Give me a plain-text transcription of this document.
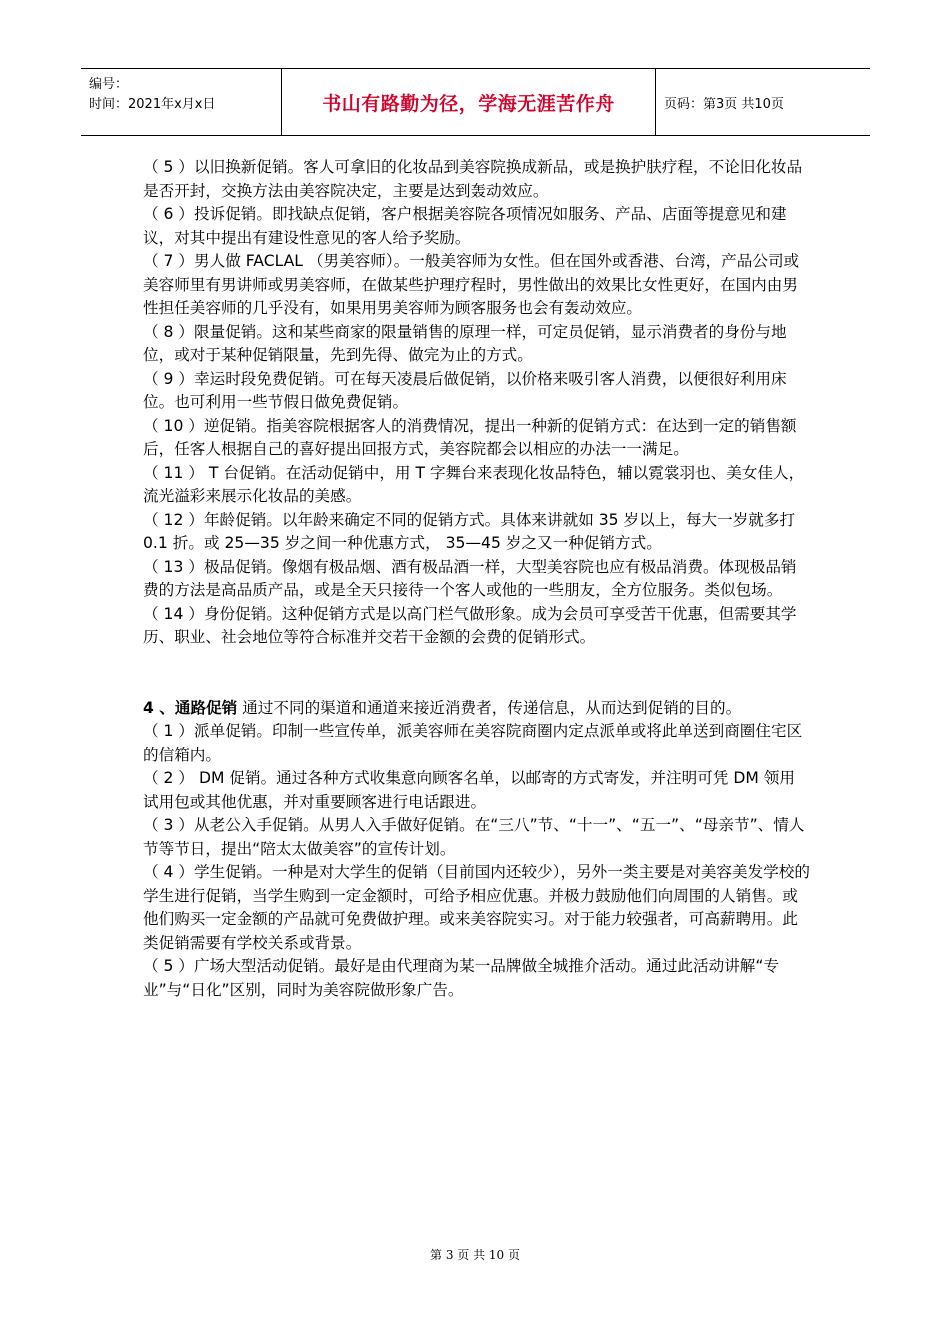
编号：
时间：2021年x月x日	书山有路勤为径，学海无涯苦作舟	页码：第3页 共10页

（ 5 ）以旧换新促销。客人可拿旧的化妆品到美容院换成新品，或是换护肤疗程，不论旧化妆品是否开封，交换方法由美容院决定，主要是达到轰动效应。

（ 6 ）投诉促销。即找缺点促销，客户根据美容院各项情况如服务、产品、店面等提意见和建议，对其中提出有建设性意见的客人给予奖励。

（ 7 ）男人做 FACLAL （男美容师）。一般美容师为女性。但在国外或香港、台湾，产品公司或美容师里有男讲师或男美容师，在做某些护理疗程时，男性做出的效果比女性更好，在国内由男性担任美容师的几乎没有，如果用男美容师为顾客服务也会有轰动效应。

（ 8 ）限量促销。这和某些商家的限量销售的原理一样，可定员促销，显示消费者的身份与地位，或对于某种促销限量，先到先得、做完为止的方式。

（ 9 ）幸运时段免费促销。可在每天凌晨后做促销，以价格来吸引客人消费，以便很好利用床位。也可利用一些节假日做免费促销。

（ 10 ）逆促销。指美容院根据客人的消费情况，提出一种新的促销方式：在达到一定的销售额后，任客人根据自己的喜好提出回报方式，美容院都会以相应的办法一一满足。

（ 11 ） T 台促销。在活动促销中，用 T 字舞台来表现化妆品特色，辅以霓裳羽也、美女佳人，流光溢彩来展示化妆品的美感。

（ 12 ）年龄促销。以年龄来确定不同的促销方式。具体来讲就如 35 岁以上，每大一岁就多打 0.1 折。或 25—35 岁之间一种优惠方式， 35—45 岁之又一种促销方式。

（ 13 ）极品促销。像烟有极品烟、酒有极品酒一样，大型美容院也应有极品消费。体现极品销费的方法是高品质产品，或是全天只接待一个客人或他的一些朋友，全方位服务。类似包场。

（ 14 ）身份促销。这种促销方式是以高门栏气做形象。成为会员可享受苦干优惠，但需要其学历、职业、社会地位等符合标准并交若干金额的会费的促销形式。

4 、通路促销 通过不同的渠道和通道来接近消费者，传递信息，从而达到促销的目的。

（ 1 ）派单促销。印制一些宣传单，派美容师在美容院商圈内定点派单或将此单送到商圈住宅区的信箱内。

（ 2 ） DM 促销。通过各种方式收集意向顾客名单，以邮寄的方式寄发，并注明可凭 DM 领用试用包或其他优惠，并对重要顾客进行电话跟进。

（ 3 ）从老公入手促销。从男人入手做好促销。在“三八”节、“十一”、“五一”、“母亲节”、情人节等节日，提出“陪太太做美容”的宣传计划。

（ 4 ）学生促销。一种是对大学生的促销（目前国内还较少），另外一类主要是对美容美发学校的学生进行促销，当学生购到一定金额时，可给予相应优惠。并极力鼓励他们向周围的人销售。或他们购买一定金额的产品就可免费做护理。或来美容院实习。对于能力较强者，可高薪聘用。此类促销需要有学校关系或背景。

（ 5 ）广场大型活动促销。最好是由代理商为某一品牌做全城推介活动。通过此活动讲解“专业”与“日化”区别，同时为美容院做形象广告。

第 3 页 共 10 页
